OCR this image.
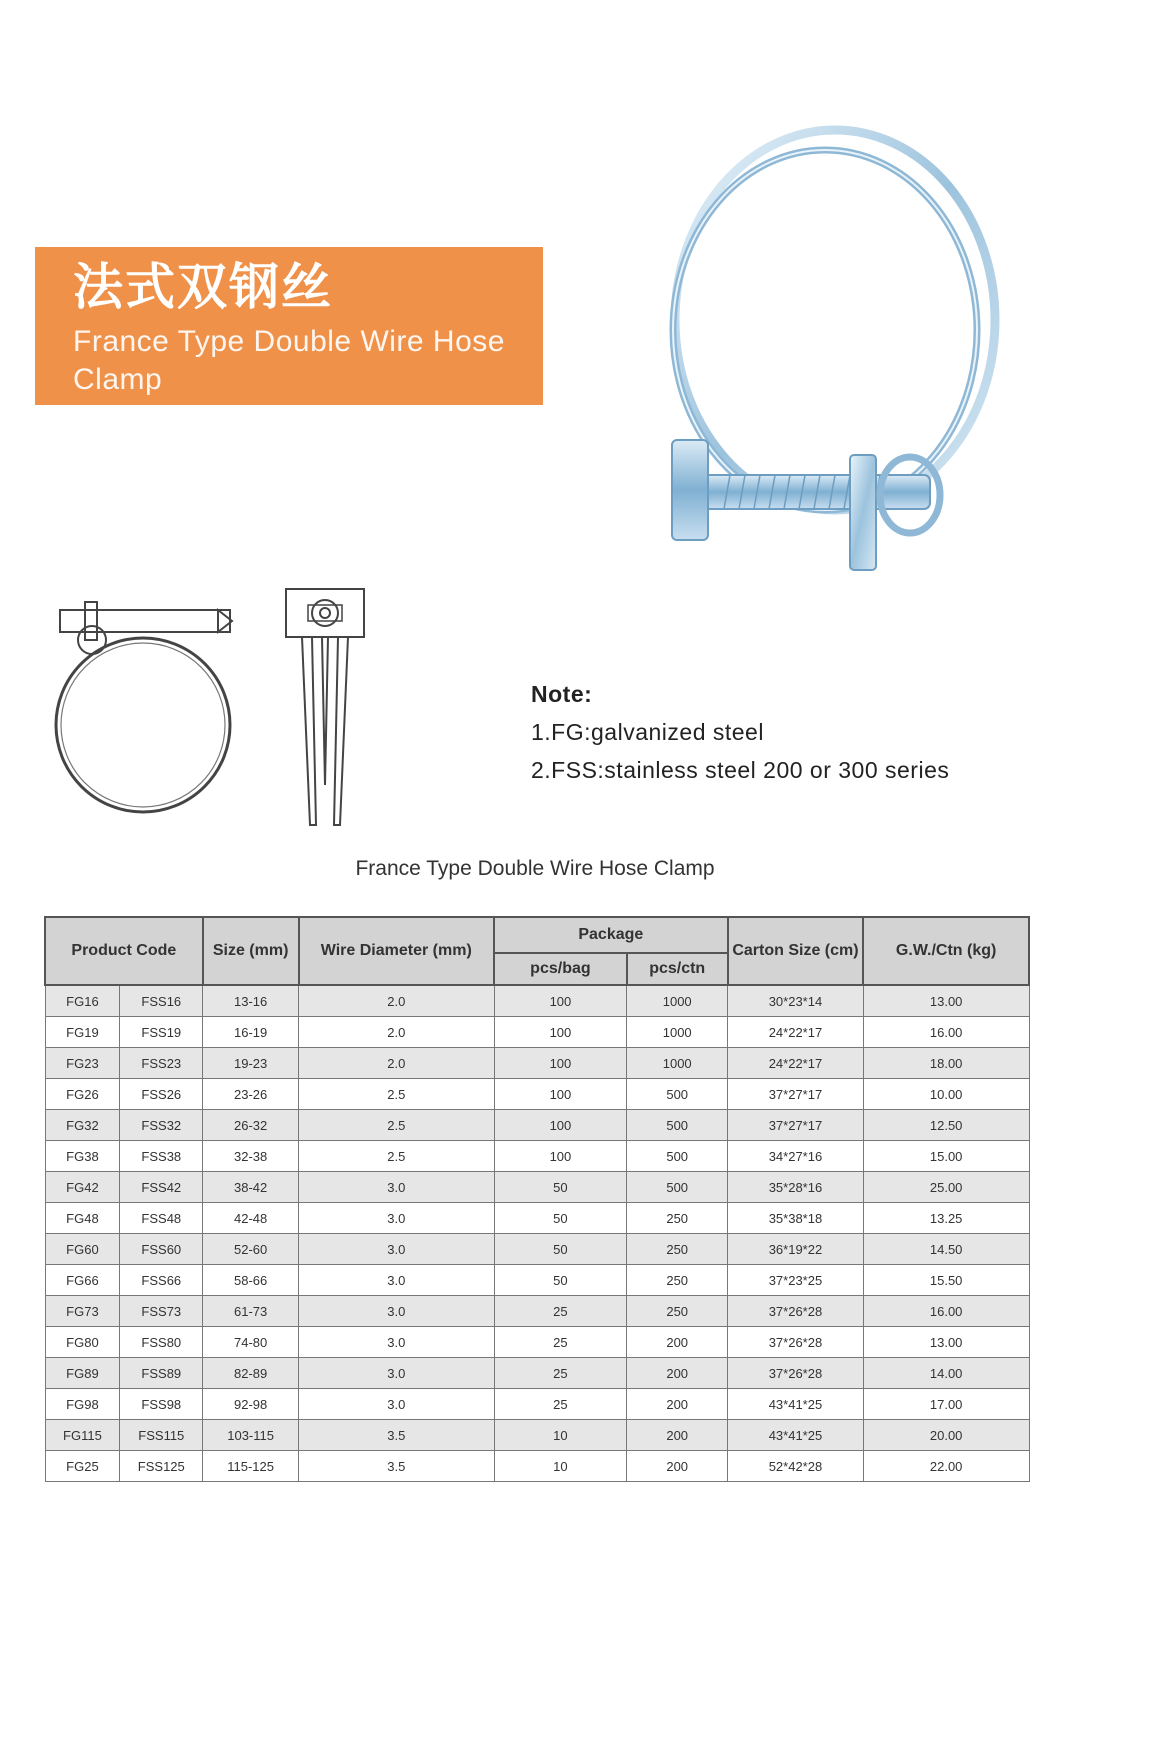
法式双钢丝
France Type Double Wire Hose Clamp
Note:
1.FG:galvanized steel
2.FSS:stainless steel 200 or 300 series
France Type Double Wire Hose Clamp
Product Code		Size (mm)	Wire Diameter (mm)	Package		Carton Size (cm)	G.W./Ctn (kg)
				pcs/bag	pcs/ctn		
FG16	FSS16	13-16	2.0	100	1000	30*23*14	13.00
FG19	FSS19	16-19	2.0	100	1000	24*22*17	16.00
FG23	FSS23	19-23	2.0	100	1000	24*22*17	18.00
FG26	FSS26	23-26	2.5	100	500	37*27*17	10.00
FG32	FSS32	26-32	2.5	100	500	37*27*17	12.50
FG38	FSS38	32-38	2.5	100	500	34*27*16	15.00
FG42	FSS42	38-42	3.0	50	500	35*28*16	25.00
FG48	FSS48	42-48	3.0	50	250	35*38*18	13.25
FG60	FSS60	52-60	3.0	50	250	36*19*22	14.50
FG66	FSS66	58-66	3.0	50	250	37*23*25	15.50
FG73	FSS73	61-73	3.0	25	250	37*26*28	16.00
FG80	FSS80	74-80	3.0	25	200	37*26*28	13.00
FG89	FSS89	82-89	3.0	25	200	37*26*28	14.00
FG98	FSS98	92-98	3.0	25	200	43*41*25	17.00
FG115	FSS115	103-115	3.5	10	200	43*41*25	20.00
FG25	FSS125	115-125	3.5	10	200	52*42*28	22.00
